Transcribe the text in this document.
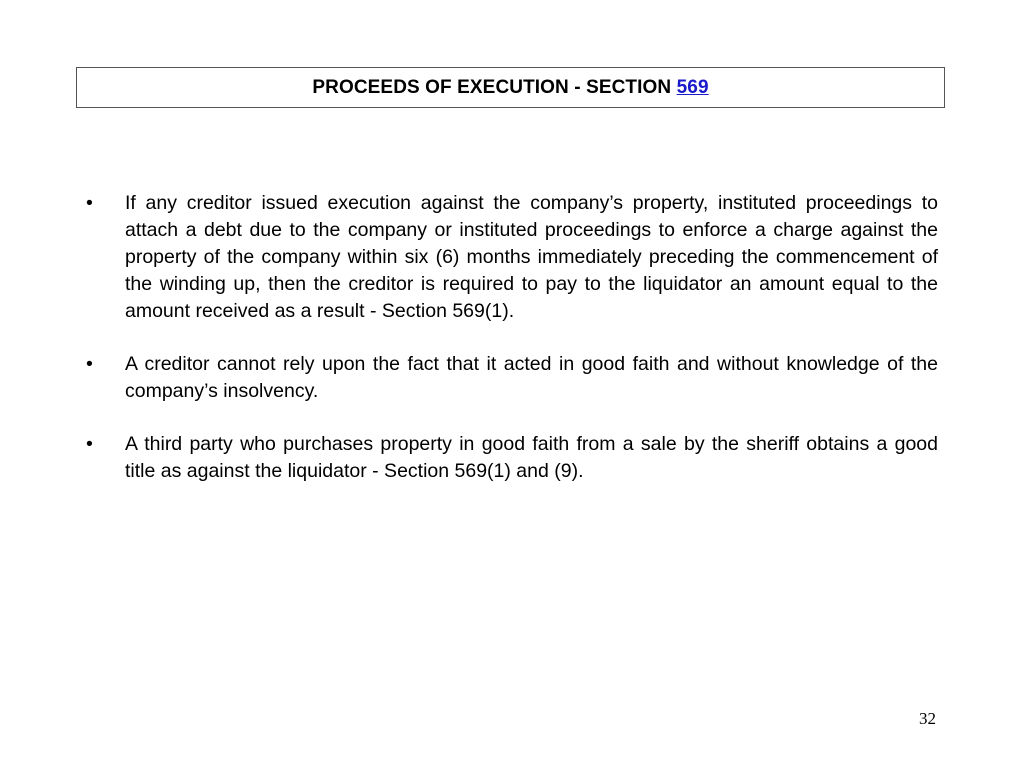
PROCEEDS OF EXECUTION - SECTION 569
•	If any creditor issued execution against the company’s property, instituted proceedings to attach a debt due to the company or instituted proceedings to enforce a charge against the property of the company within six (6) months immediately preceding the commencement of the winding up, then the creditor is required to pay to the liquidator an amount equal to the amount received as a result - Section 569(1).
•	A creditor cannot rely upon the fact that it acted in good faith and without knowledge of the company’s insolvency.
•	A third party who purchases property in good faith from a sale by the sheriff obtains a good title as against the liquidator - Section 569(1) and (9).
32
